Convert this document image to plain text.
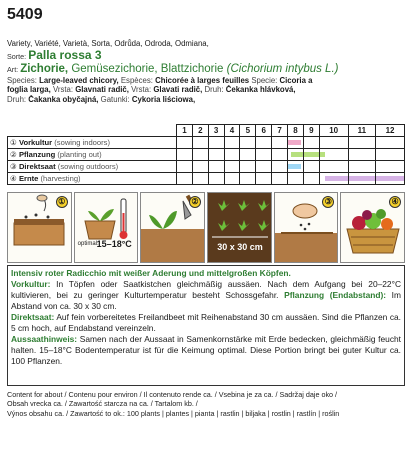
5409
Variety, Variété, Varietà, Sorta, Odrůda, Odroda, Odmiana,
Sorte: Palla rossa 3
Art: Zichorie, Gemüsezichorie, Blattzichorie (Cichorium intybus L.)
Species: Large-leaved chicory, Espèces: Chicorée à larges feuilles Specie: Cicoria a
foglia larga, Vrsta: Glavnati radič, Vrsta: Glavati radič, Druh: Čekanka hlávková,
Druh: Čakanka obyčajná, Gatunki: Cykoria liściowa,
	1	2	3	4	5	6	7	8	9	10	11	12
① Vorkultur (sowing indoors)								

② Pflanzung (planting out)								

③ Direktsaat (sowing outdoors)								

④ Ernte (harvesting)										

①
optimal:
15–18°C
②
30 x 30 cm
③	④

Intensiv roter Radicchio mit weißer Aderung und mittelgroßen Köpfen.

Vorkultur: In Töpfen oder Saatkistchen gleichmäßig aussäen. Nach dem Aufgang bei 20–22°C kultivieren, bei zu geringer Kulturtemperatur besteht Schossgefahr. Pflanzung (Endabstand): Im Abstand von ca. 30 x 30 cm.

Direktsaat: Auf fein vorbereitetes Freilandbeet mit Reihenabstand 30 cm aussäen. Sind die Pflanzen ca. 5 cm hoch, auf Endabstand vereinzeln.

Aussaathinweis: Samen nach der Aussaat in Samenkornstärke mit Erde bedecken, gleichmäßig feucht halten. 15–18°C Bodentemperatur ist für die Keimung optimal. Diese Portion bringt bei guter Kultur ca. 100 Pflanzen.

Content for about / Contenu pour environ / Il contenuto rende ca. / Vsebina je za ca. / Sadržaj daje oko /
Obsah vrecka ca. / Zawartość starcza na ca. / Tartalom kb. /
Výnos obsahu ca. / Zawartość to ok.: 100 plants | plantes | pianta | rastlin | biljaka | rostlin | rastlín | roślin
